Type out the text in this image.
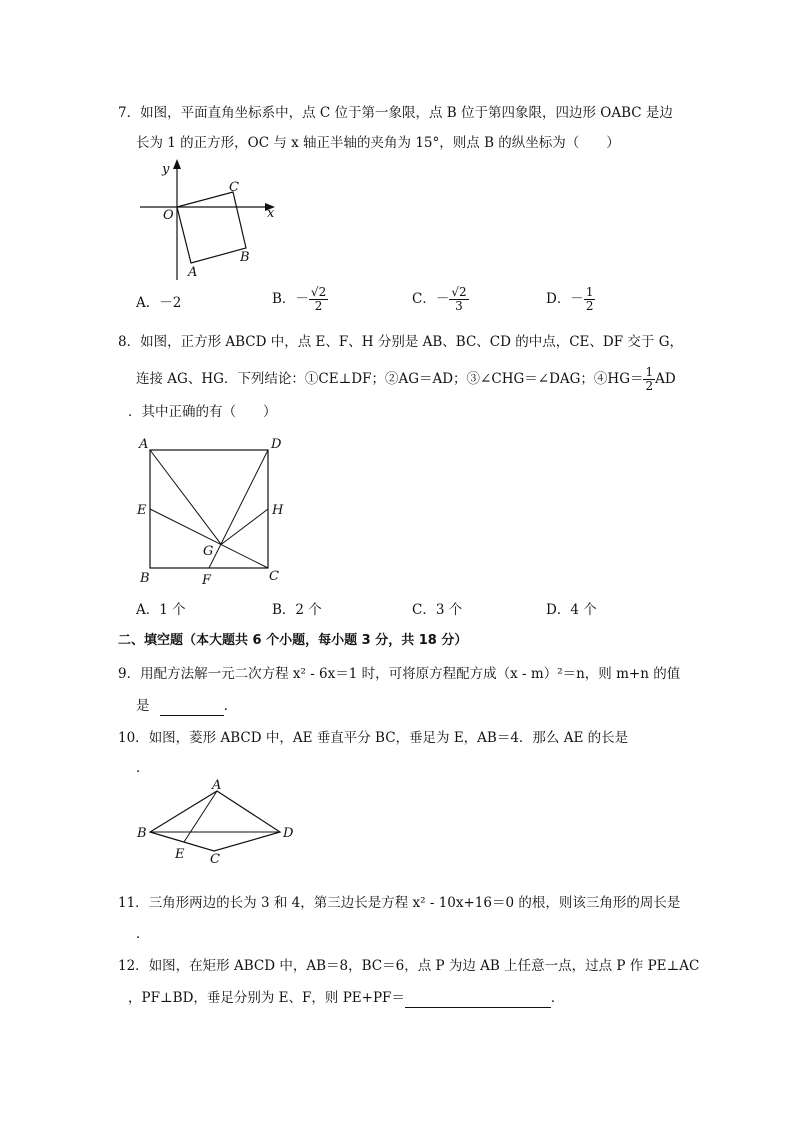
7．如图，平面直角坐标系中，点 C 位于第一象限，点 B 位于第四象限，四边形 OABC 是边
长为 1 的正方形，OC 与 x 轴正半轴的夹角为 15°，则点 B 的纵坐标为（　　）
y
x
O
C
A
B
A．－2	B．－ $\frac{√2}{2}$	C．－ $\frac{√2}{3}$	D．－ $\frac{1}{2}$
8．如图，正方形 ABCD 中，点 E、F、H 分别是 AB、BC、CD 的中点，CE、DF 交于 G，
连接 AG、HG．下列结论：①CE⊥DF；②AG＝AD；③∠CHG＝∠DAG；④HG＝ $\frac{1}{2}$ AD
．其中正确的有（　　）
A	D
E	H
G
B	F	C
A．1 个	B．2 个	C．3 个	D．4 个
二、填空题（本大题共 6 个小题，每小题 3 分，共 18 分）
9．用配方法解一元二次方程 x² - 6x＝1 时，可将原方程配方成（x - m）²＝n，则 m+n 的值
是	．
10．如图，菱形 ABCD 中，AE 垂直平分 BC，垂足为 E，AB＝4．那么 AE 的长是
．
A
B	D
E C
11．三角形两边的长为 3 和 4，第三边长是方程 x² - 10x+16＝0 的根，则该三角形的周长是
．
12．如图，在矩形 ABCD 中，AB＝8，BC＝6，点 P 为边 AB 上任意一点，过点 P 作 PE⊥AC
，PF⊥BD，垂足分别为 E、F，则 PE+PF＝	．
